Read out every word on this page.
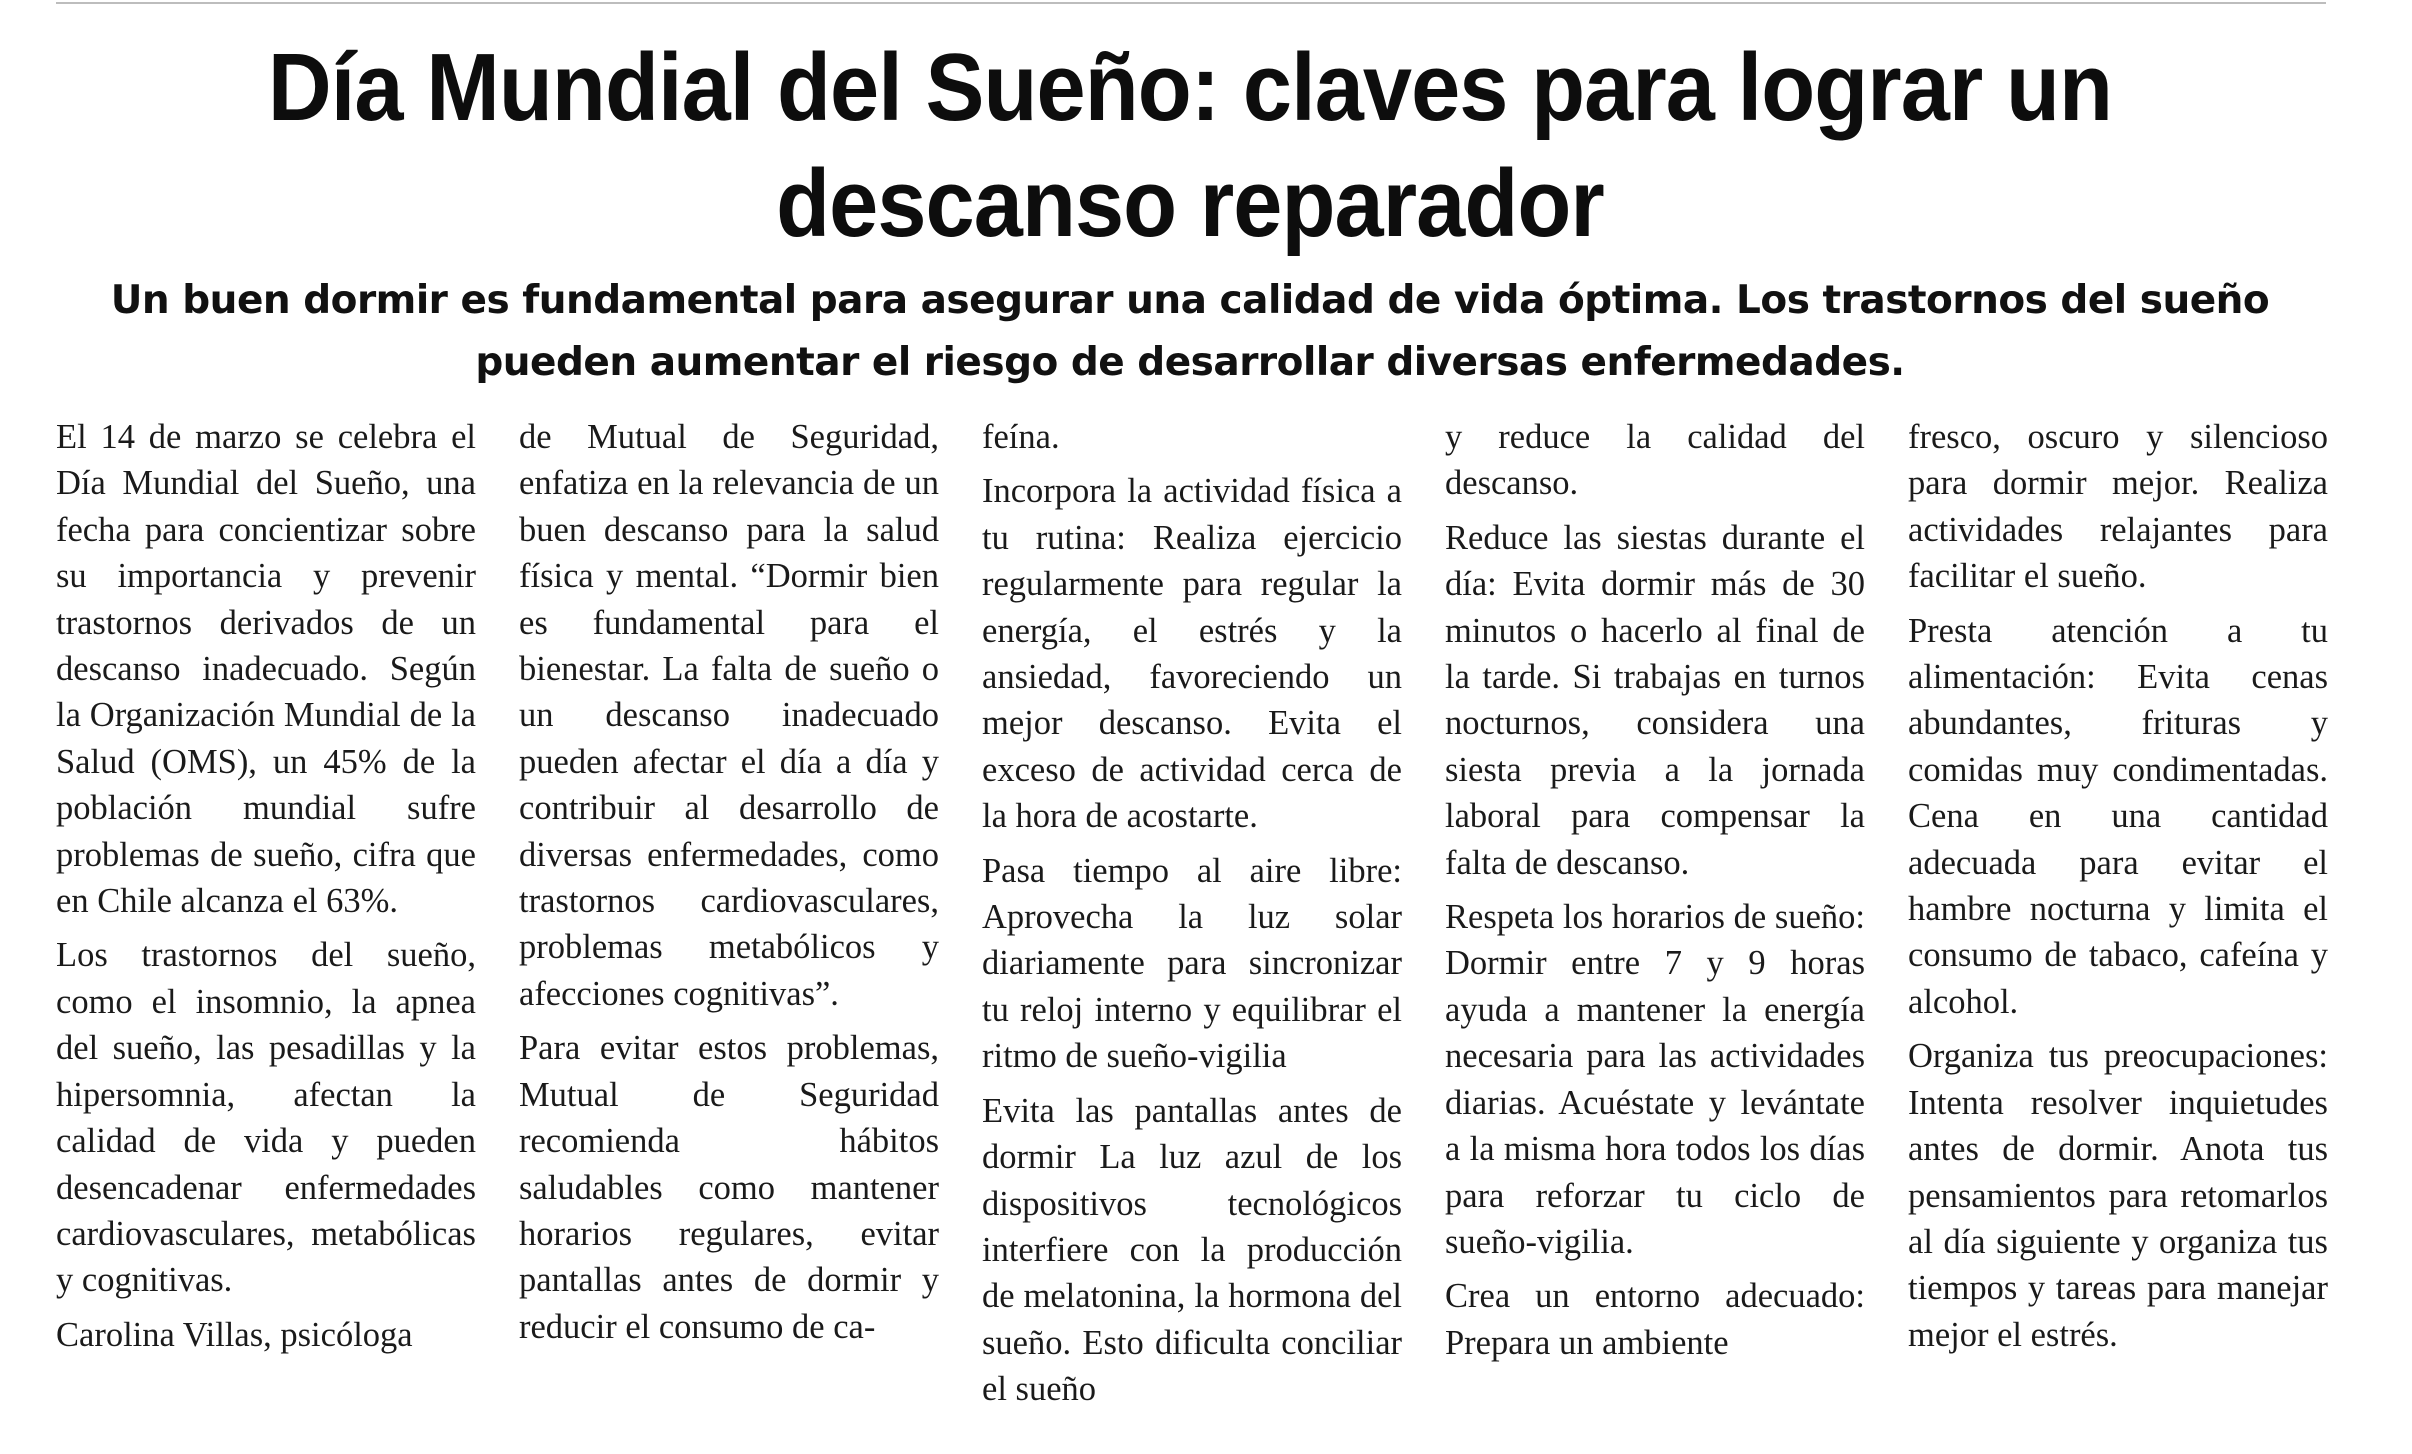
Día Mundial del Sueño: claves para lograr un descanso reparador
Un buen dormir es fundamental para asegurar una calidad de vida óptima. Los trastornos del sueño pueden aumentar el riesgo de desarrollar diversas enfermedades.

El 14 de marzo se celebra el Día Mundial del Sueño, una fecha para concientizar sobre su importancia y prevenir trastornos derivados de un descanso inadecuado. Según la Organización Mundial de la Salud (OMS), un 45% de la población mundial sufre problemas de sueño, cifra que en Chile alcanza el 63%.

Los trastornos del sueño, como el insomnio, la apnea del sueño, las pesadillas y la hipersomnia, afectan la calidad de vida y pueden desencadenar enfermedades cardiovasculares, metabólicas y cognitivas.

Carolina Villas, psicóloga

de Mutual de Seguridad, enfatiza en la relevancia de un buen descanso para la salud física y mental. “Dormir bien es fundamental para el bienestar. La falta de sueño o un descanso inadecuado pueden afectar el día a día y contribuir al desarrollo de diversas enfermedades, como trastornos cardiovasculares, problemas metabólicos y afecciones cognitivas”.

Para evitar estos problemas, Mutual de Seguridad recomienda hábitos saludables como mantener horarios regulares, evitar pantallas antes de dormir y reducir el consumo de ca-

feína.

Incorpora la actividad física a tu rutina: Realiza ejercicio regularmente para regular la energía, el estrés y la ansiedad, favoreciendo un mejor descanso. Evita el exceso de actividad cerca de la hora de acostarte.

Pasa tiempo al aire libre: Aprovecha la luz solar diariamente para sincronizar tu reloj interno y equilibrar el ritmo de sueño-vigilia

Evita las pantallas antes de dormir La luz azul de los dispositivos tecnológicos interfiere con la producción de melatonina, la hormona del sueño. Esto dificulta conciliar el sueño

y reduce la calidad del descanso.

Reduce las siestas durante el día: Evita dormir más de 30 minutos o hacerlo al final de la tarde. Si trabajas en turnos nocturnos, considera una siesta previa a la jornada laboral para compensar la falta de descanso.

Respeta los horarios de sueño: Dormir entre 7 y 9 horas ayuda a mantener la energía necesaria para las actividades diarias. Acuéstate y levántate a la misma hora todos los días para reforzar tu ciclo de sueño-vigilia.

Crea un entorno adecuado: Prepara un ambiente

fresco, oscuro y silencioso para dormir mejor. Realiza actividades relajantes para facilitar el sueño.

Presta atención a tu alimentación: Evita cenas abundantes, frituras y comidas muy condimentadas. Cena en una cantidad adecuada para evitar el hambre nocturna y limita el consumo de tabaco, cafeína y alcohol.

Organiza tus preocupaciones: Intenta resolver inquietudes antes de dormir. Anota tus pensamientos para retomarlos al día siguiente y organiza tus tiempos y tareas para manejar mejor el estrés.
